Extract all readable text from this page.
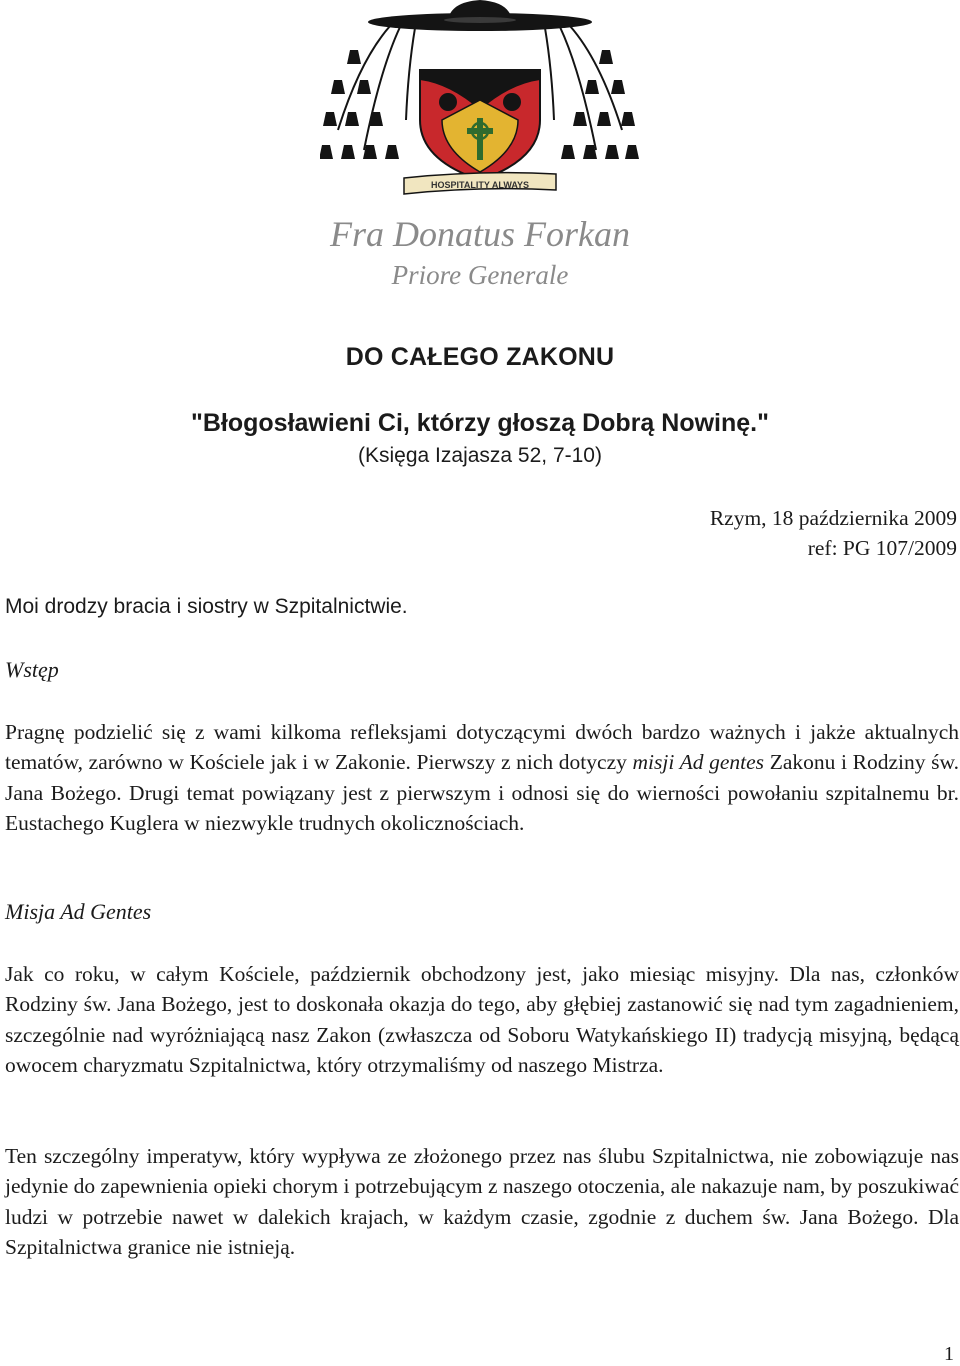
HOSPITALITY ALWAYS
Fra Donatus Forkan
Priore Generale
DO CAŁEGO ZAKONU
"Błogosławieni Ci, którzy głoszą Dobrą Nowinę."
(Księga Izajasza 52, 7-10)
Rzym, 18 października 2009
ref: PG 107/2009
Moi drodzy bracia i siostry w Szpitalnictwie.
Wstęp
Pragnę podzielić się z wami kilkoma refleksjami dotyczącymi dwóch bardzo ważnych i jakże aktualnych tematów, zarówno w Kościele jak i w Zakonie. Pierwszy z nich dotyczy misji Ad gentes Zakonu i Rodziny św. Jana Bożego. Drugi temat powiązany jest z pierwszym i odnosi się do wierności powołaniu szpitalnemu br. Eustachego Kuglera w niezwykle trudnych okolicznościach.
Misja Ad Gentes
Jak co roku, w całym Kościele, październik obchodzony jest, jako miesiąc misyjny. Dla nas, członków Rodziny św. Jana Bożego, jest to doskonała okazja do tego, aby głębiej zastanowić się nad tym zagadnieniem, szczególnie nad wyróżniającą nasz Zakon (zwłaszcza od Soboru Watykańskiego II) tradycją misyjną, będącą owocem charyzmatu Szpitalnictwa, który otrzymaliśmy od naszego Mistrza.
Ten szczególny imperatyw, który wypływa ze złożonego przez nas ślubu Szpitalnictwa, nie zobowiązuje nas jedynie do zapewnienia opieki chorym i potrzebującym z naszego otoczenia, ale nakazuje nam, by poszukiwać ludzi w potrzebie nawet w dalekich krajach, w każdym czasie, zgodnie z duchem św. Jana Bożego. Dla Szpitalnictwa granice nie istnieją.
1
